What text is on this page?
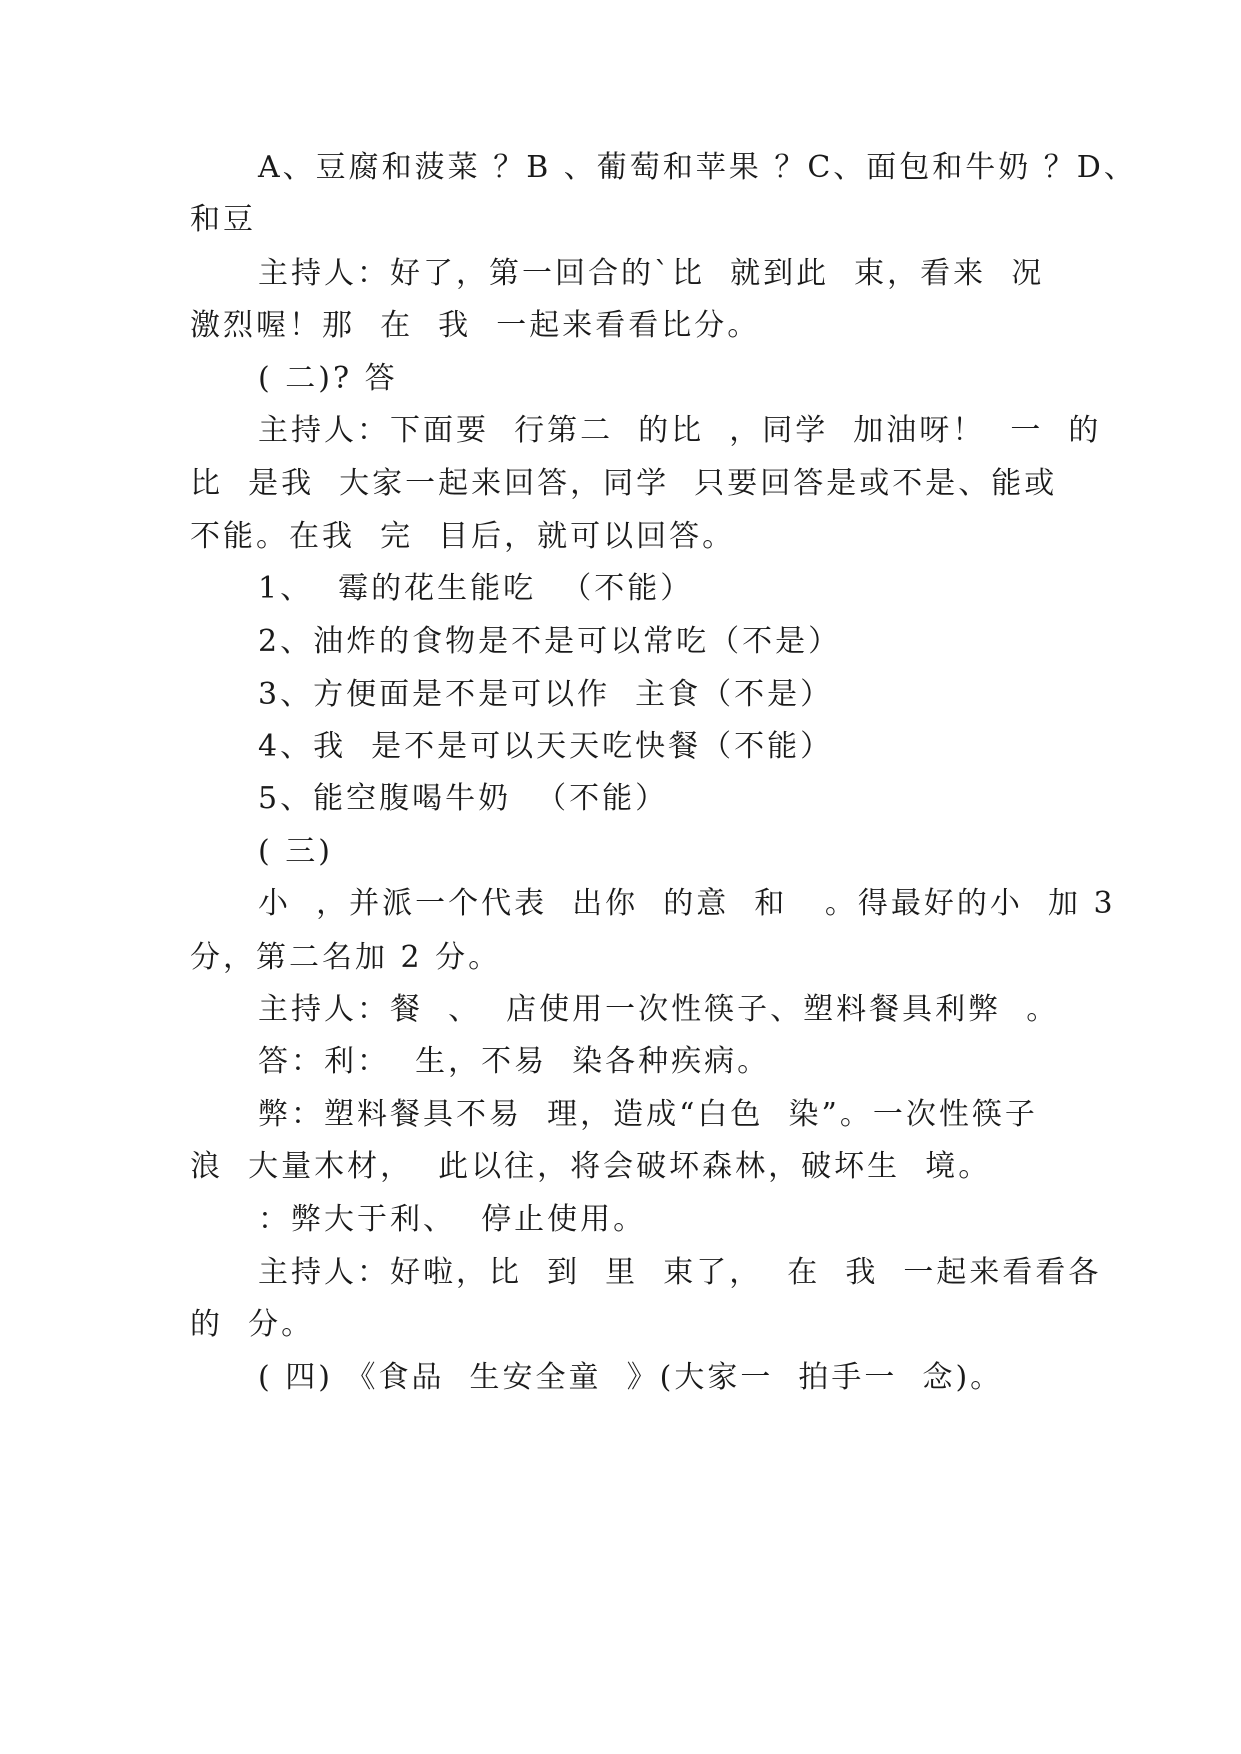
A、豆腐和菠菜 ？B 、葡萄和苹果 ？C、面包和牛奶 ？D、
和豆
主持人：好了，第一回合的`比  就到此  束，看来  况
激烈喔！那  在  我  一起来看看比分。
( 二)? 答
主持人：下面要  行第二  的比  ，同学  加油呀！  一  的
比  是我  大家一起来回答，同学  只要回答是或不是、能或
不能。在我  完  目后，就可以回答。
1、  霉的花生能吃  （不能）
2、油炸的食物是不是可以常吃（不是）
3、方便面是不是可以作  主食（不是）
4、我  是不是可以天天吃快餐（不能）
5、能空腹喝牛奶  （不能）
( 三)
小  ，并派一个代表  出你  的意  和   。得最好的小  加 3
分，第二名加 2 分。
主持人：餐  、  店使用一次性筷子、塑料餐具利弊  。
答：利：  生，不易  染各种疾病。
弊：塑料餐具不易  理，造成“白色  染”。一次性筷子
浪  大量木材，  此以往，将会破坏森林，破坏生  境。
：弊大于利、  停止使用。
主持人：好啦，比  到  里  束了，  在  我  一起来看看各
的  分。
( 四) 《食品  生安全童  》(大家一  拍手一  念)。
